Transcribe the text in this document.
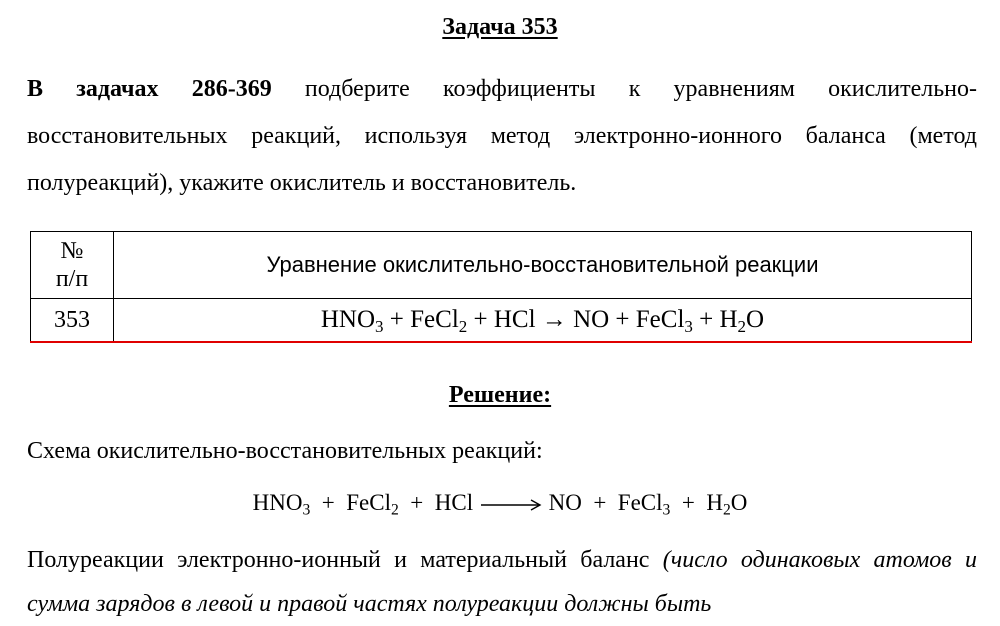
Задача 353
В задачах 286-369 подберите коэффициенты к уравнениям окислительно-восстановительных реакций, используя метод электронно-ионного баланса (метод полуреакций), укажите окислитель и восстановитель.
№
п/п	Уравнение окислительно-восстановительной реакции
353	$HNO_3$ + FeCl$_2$ + HCl → NO + FeCl$_3$ + $H_2O$
Решение:
Схема окислительно-восстановительных реакций:
$HNO_3$  +  FeCl$_2$  +  HCl	NO  +  FeCl$_3$  +  $H_2O$
Полуреакции электронно-ионный и материальный баланс (число одинаковых атомов и сумма зарядов в левой и правой частях полуреакции должны быть
